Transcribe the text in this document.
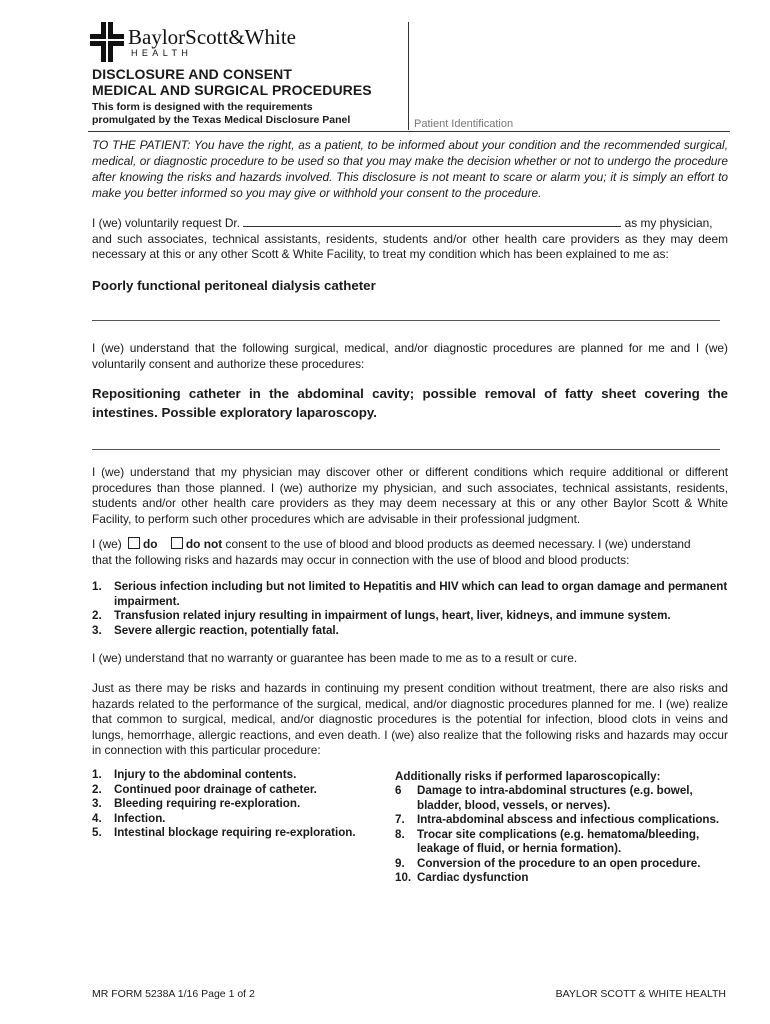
BaylorScott&White
HEALTH
DISCLOSURE AND CONSENT
MEDICAL AND SURGICAL PROCEDURES
This form is designed with the requirements
promulgated by the Texas Medical Disclosure Panel	Patient Identification
TO THE PATIENT: You have the right, as a patient, to be informed about your condition and the recommended surgical, medical, or diagnostic procedure to be used so that you may make the decision whether or not to undergo the procedure after knowing the risks and hazards involved. This disclosure is not meant to scare or alarm you; it is simply an effort to make you better informed so you may give or withhold your consent to the procedure.
I (we) voluntarily request Dr.	as my physician,
and such associates, technical assistants, residents, students and/or other health care providers as they may deem necessary at this or any other Scott & White Facility, to treat my condition which has been explained to me as:
Poorly functional peritoneal dialysis catheter
I (we) understand that the following surgical, medical, and/or diagnostic procedures are planned for me and I (we) voluntarily consent and authorize these procedures:
Repositioning catheter in the abdominal cavity; possible removal of fatty sheet covering the intestines. Possible exploratory laparoscopy.
I (we) understand that my physician may discover other or different conditions which require additional or different procedures than those planned. I (we) authorize my physician, and such associates, technical assistants, residents, students and/or other health care providers as they may deem necessary at this or any other Baylor Scott & White Facility, to perform such other procedures which are advisable in their professional judgment.
I (we) do do not consent to the use of blood and blood products as deemed necessary. I (we) understand
that the following risks and hazards may occur in connection with the use of blood and blood products:
1. Serious infection including but not limited to Hepatitis and HIV which can lead to organ damage and permanent impairment.
2. Transfusion related injury resulting in impairment of lungs, heart, liver, kidneys, and immune system.
3. Severe allergic reaction, potentially fatal.
I (we) understand that no warranty or guarantee has been made to me as to a result or cure.
Just as there may be risks and hazards in continuing my present condition without treatment, there are also risks and hazards related to the performance of the surgical, medical, and/or diagnostic procedures planned for me. I (we) realize that common to surgical, medical, and/or diagnostic procedures is the potential for infection, blood clots in veins and lungs, hemorrhage, allergic reactions, and even death. I (we) also realize that the following risks and hazards may occur in connection with this particular procedure:
1. Injury to the abdominal contents.
2. Continued poor drainage of catheter.
3. Bleeding requiring re-exploration.
4. Infection.
5. Intestinal blockage requiring re-exploration.
Additionally risks if performed laparoscopically:
6 Damage to intra-abdominal structures (e.g. bowel, bladder, blood, vessels, or nerves).
7. Intra-abdominal abscess and infectious complications.
8. Trocar site complications (e.g. hematoma/bleeding, leakage of fluid, or hernia formation).
9. Conversion of the procedure to an open procedure.
10. Cardiac dysfunction
MR FORM 5238A 1/16 Page 1 of 2	BAYLOR SCOTT & WHITE HEALTH
